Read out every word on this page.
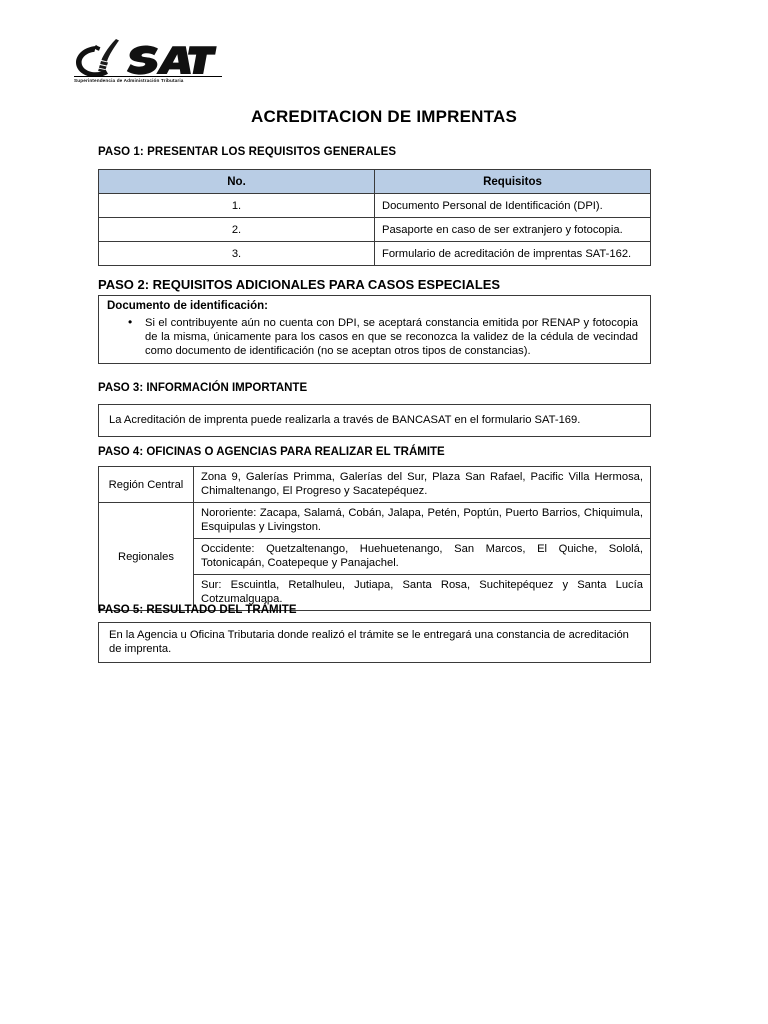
Superintendencia de Administración Tributaria
ACREDITACION DE IMPRENTAS
PASO 1: PRESENTAR LOS REQUISITOS GENERALES
No.	Requisitos
1.	Documento Personal de Identificación (DPI).
2.	Pasaporte en caso de ser extranjero y fotocopia.
3.	Formulario de acreditación de imprentas SAT-162.
PASO 2: REQUISITOS ADICIONALES PARA CASOS ESPECIALES
Documento de identificación:
• Si el contribuyente aún no cuenta con DPI, se aceptará constancia emitida por RENAP y fotocopia de la misma, únicamente para los casos en que se reconozca la validez de la cédula de vecindad como documento de identificación (no se aceptan otros tipos de constancias).
PASO 3: INFORMACIÓN IMPORTANTE
La Acreditación de imprenta puede realizarla a través de BANCASAT en el formulario SAT-169.
PASO 4: OFICINAS O AGENCIAS PARA REALIZAR EL TRÁMITE
Región Central	Zona 9, Galerías Primma, Galerías del Sur, Plaza San Rafael, Pacific Villa Hermosa, Chimaltenango, El Progreso y Sacatepéquez.
Regionales	Nororiente: Zacapa, Salamá, Cobán, Jalapa, Petén, Poptún, Puerto Barrios, Chiquimula, Esquipulas y Livingston.
	Occidente: Quetzaltenango, Huehuetenango, San Marcos, El Quiche, Sololá, Totonicapán, Coatepeque y Panajachel.
	Sur: Escuintla, Retalhuleu, Jutiapa, Santa Rosa, Suchitepéquez y Santa Lucía Cotzumalguapa.
PASO 5: RESULTADO DEL TRÁMITE
En la Agencia u Oficina Tributaria donde realizó el trámite se le entregará una constancia de acreditación de imprenta.
